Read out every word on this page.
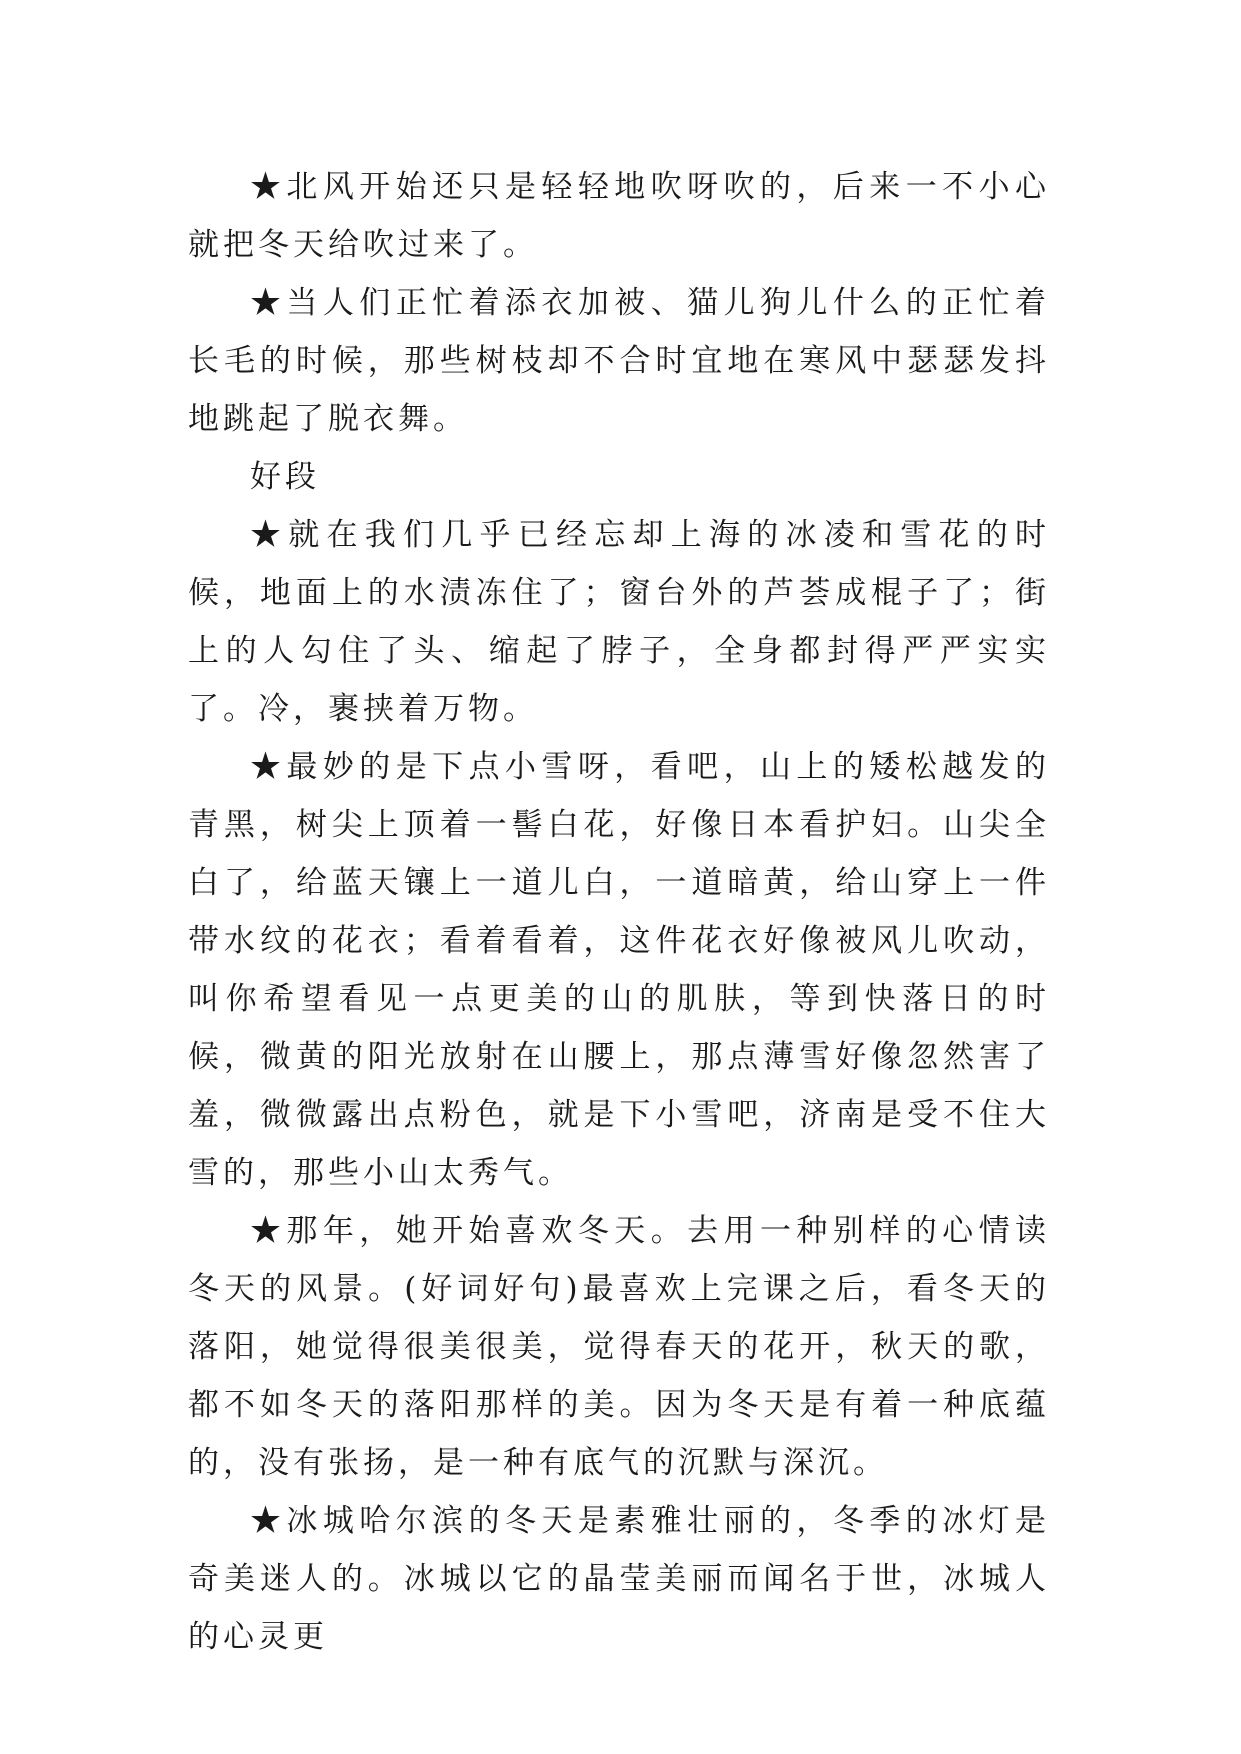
★北风开始还只是轻轻地吹呀吹的，后来一不小心就把冬天给吹过来了。

★当人们正忙着添衣加被、猫儿狗儿什么的正忙着长毛的时候，那些树枝却不合时宜地在寒风中瑟瑟发抖地跳起了脱衣舞。

好段

★就在我们几乎已经忘却上海的冰凌和雪花的时候，地面上的水渍冻住了；窗台外的芦荟成棍子了；街上的人勾住了头、缩起了脖子，全身都封得严严实实了。冷，裹挟着万物。

★最妙的是下点小雪呀，看吧，山上的矮松越发的青黑，树尖上顶着一髻白花，好像日本看护妇。山尖全白了，给蓝天镶上一道儿白，一道暗黄，给山穿上一件带水纹的花衣；看着看着，这件花衣好像被风儿吹动，叫你希望看见一点更美的山的肌肤，等到快落日的时候，微黄的阳光放射在山腰上，那点薄雪好像忽然害了羞，微微露出点粉色，就是下小雪吧，济南是受不住大雪的，那些小山太秀气。

★那年，她开始喜欢冬天。去用一种别样的心情读冬天的风景。(好词好句)最喜欢上完课之后，看冬天的落阳，她觉得很美很美，觉得春天的花开，秋天的歌，都不如冬天的落阳那样的美。因为冬天是有着一种底蕴的，没有张扬，是一种有底气的沉默与深沉。

★冰城哈尔滨的冬天是素雅壮丽的，冬季的冰灯是奇美迷人的。冰城以它的晶莹美丽而闻名于世，冰城人的心灵更
